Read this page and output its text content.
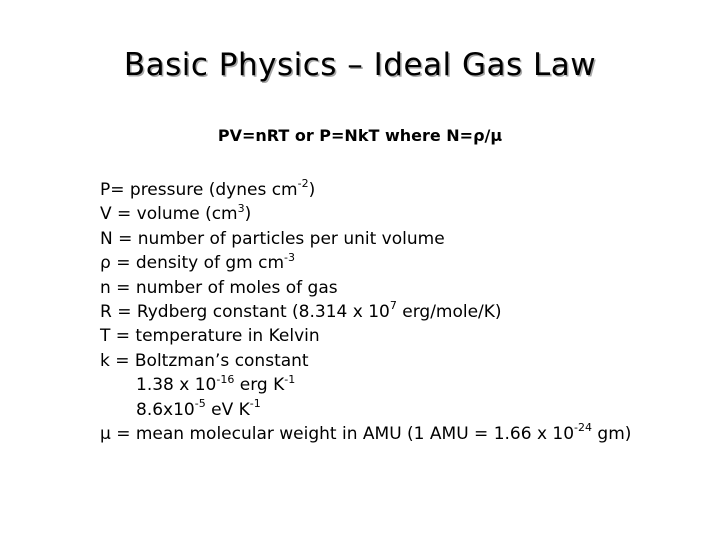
Basic Physics – Ideal Gas Law
PV=nRT or P=NkT where N=ρ/μ
P= pressure (dynes $cm^{-2}$)
V = volume $(cm^3)$
N = number of particles per unit volume
ρ = density of gm $cm^{-3}$
n = number of moles of gas
R = Rydberg constant (8.314 x $10^7$ erg/mole/K)
T = temperature in Kelvin
k = Boltzman’s constant
1.38 x $10^{-16}$ erg $K^{-1}$
$8.6x10^{-5}$ eV $K^{-1}$
μ = mean molecular weight in AMU (1 AMU = 1.66 x $10^{-24}$ gm)
